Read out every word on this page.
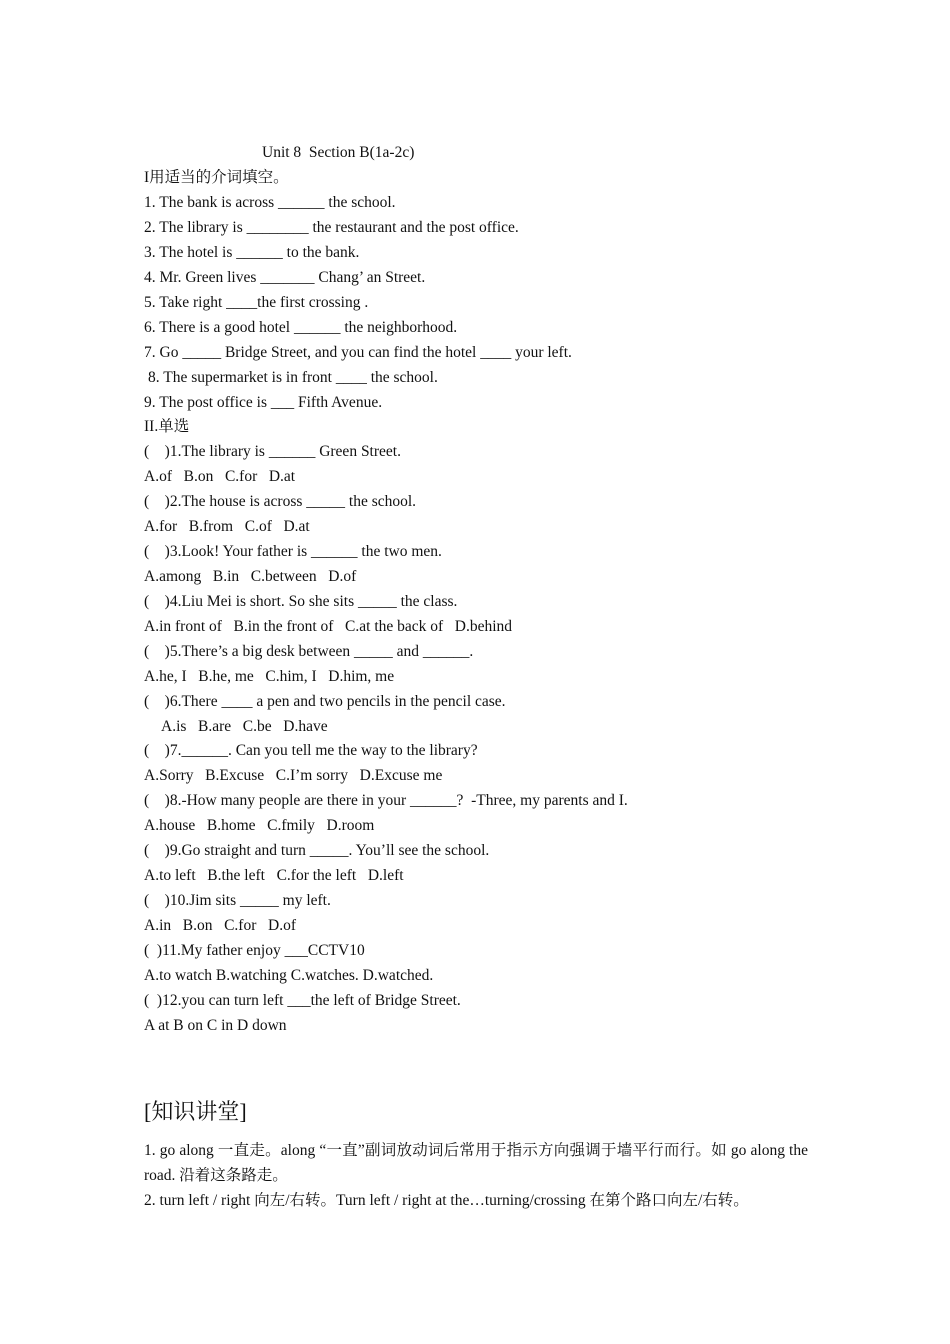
Unit 8  Section B(1a-2c)
I用适当的介词填空。
1. The bank is across ______ the school.
2. The library is ________ the restaurant and the post office.
3. The hotel is ______ to the bank.
4. Mr. Green lives _______ Chang’ an Street.
5. Take right ____the first crossing .
6. There is a good hotel ______ the neighborhood.
7. Go _____ Bridge Street, and you can find the hotel ____ your left.
8. The supermarket is in front ____ the school.
9. The post office is ___ Fifth Avenue.
II.单选
(    )1.The library is ______ Green Street.
A.of   B.on   C.for   D.at
(    )2.The house is across _____ the school.
A.for   B.from   C.of   D.at
(    )3.Look! Your father is ______ the two men.
A.among   B.in   C.between   D.of
(    )4.Liu Mei is short. So she sits _____ the class.
A.in front of   B.in the front of   C.at the back of   D.behind
(    )5.There’s a big desk between _____ and ______.
A.he, I   B.he, me   C.him, I   D.him, me
(    )6.There ____ a pen and two pencils in the pencil case.
A.is   B.are   C.be   D.have
(    )7.______. Can you tell me the way to the library?
A.Sorry   B.Excuse   C.I’m sorry   D.Excuse me
(    )8.-How many people are there in your ______?  -Three, my parents and I.
A.house   B.home   C.fmily   D.room
(    )9.Go straight and turn _____. You’ll see the school.
A.to left   B.the left   C.for the left   D.left
(    )10.Jim sits _____ my left.
A.in   B.on   C.for   D.of
(  )11.My father enjoy ___CCTV10
A.to watch B.watching C.watches. D.watched.
(  )12.you can turn left ___the left of Bridge Street.
A at B on C in D down
[知识讲堂]
1. go along 一直走。along “一直”副词放动词后常用于指示方向强调于墙平行而行。如 go along the road. 沿着这条路走。
2. turn left / right 向左/右转。Turn left / right at the…turning/crossing 在第个路口向左/右转。
